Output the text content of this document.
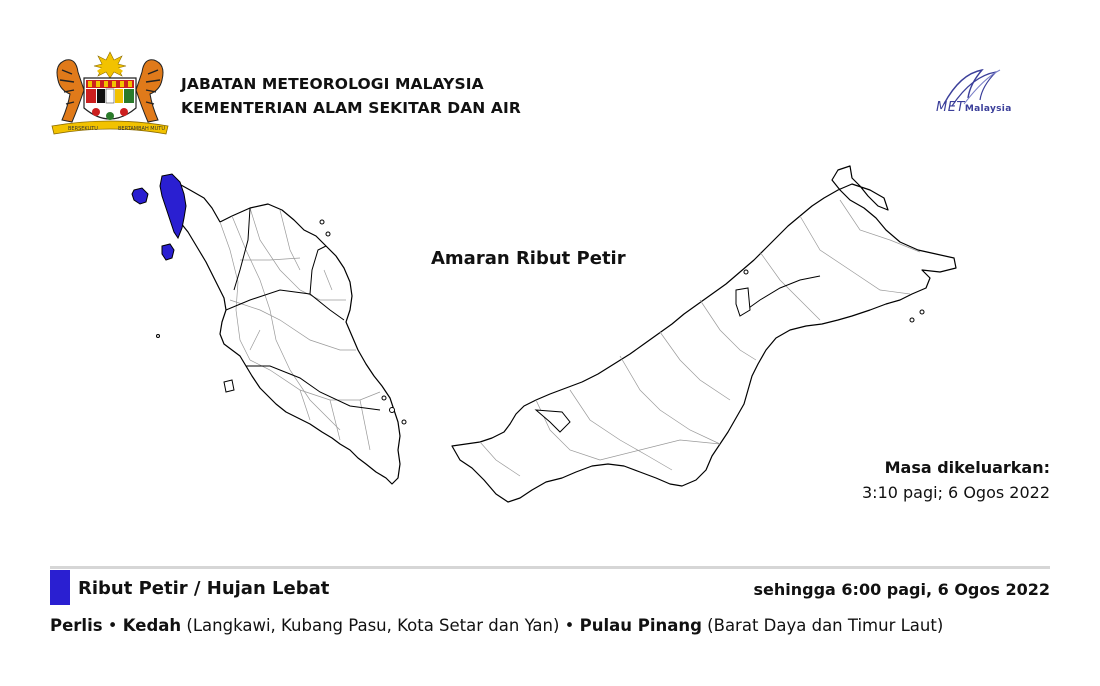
BERSEKUTU	BERTAMBAH MUTU
JABATAN METEOROLOGI MALAYSIA
KEMENTERIAN ALAM SEKITAR DAN AIR	METMalaysia
Amaran Ribut Petir
Masa dikeluarkan:
3:10 pagi; 6 Ogos 2022
Ribut Petir / Hujan Lebat	sehingga 6:00 pagi, 6 Ogos 2022
Perlis • Kedah (Langkawi, Kubang Pasu, Kota Setar dan Yan) • Pulau Pinang (Barat Daya dan Timur Laut)
